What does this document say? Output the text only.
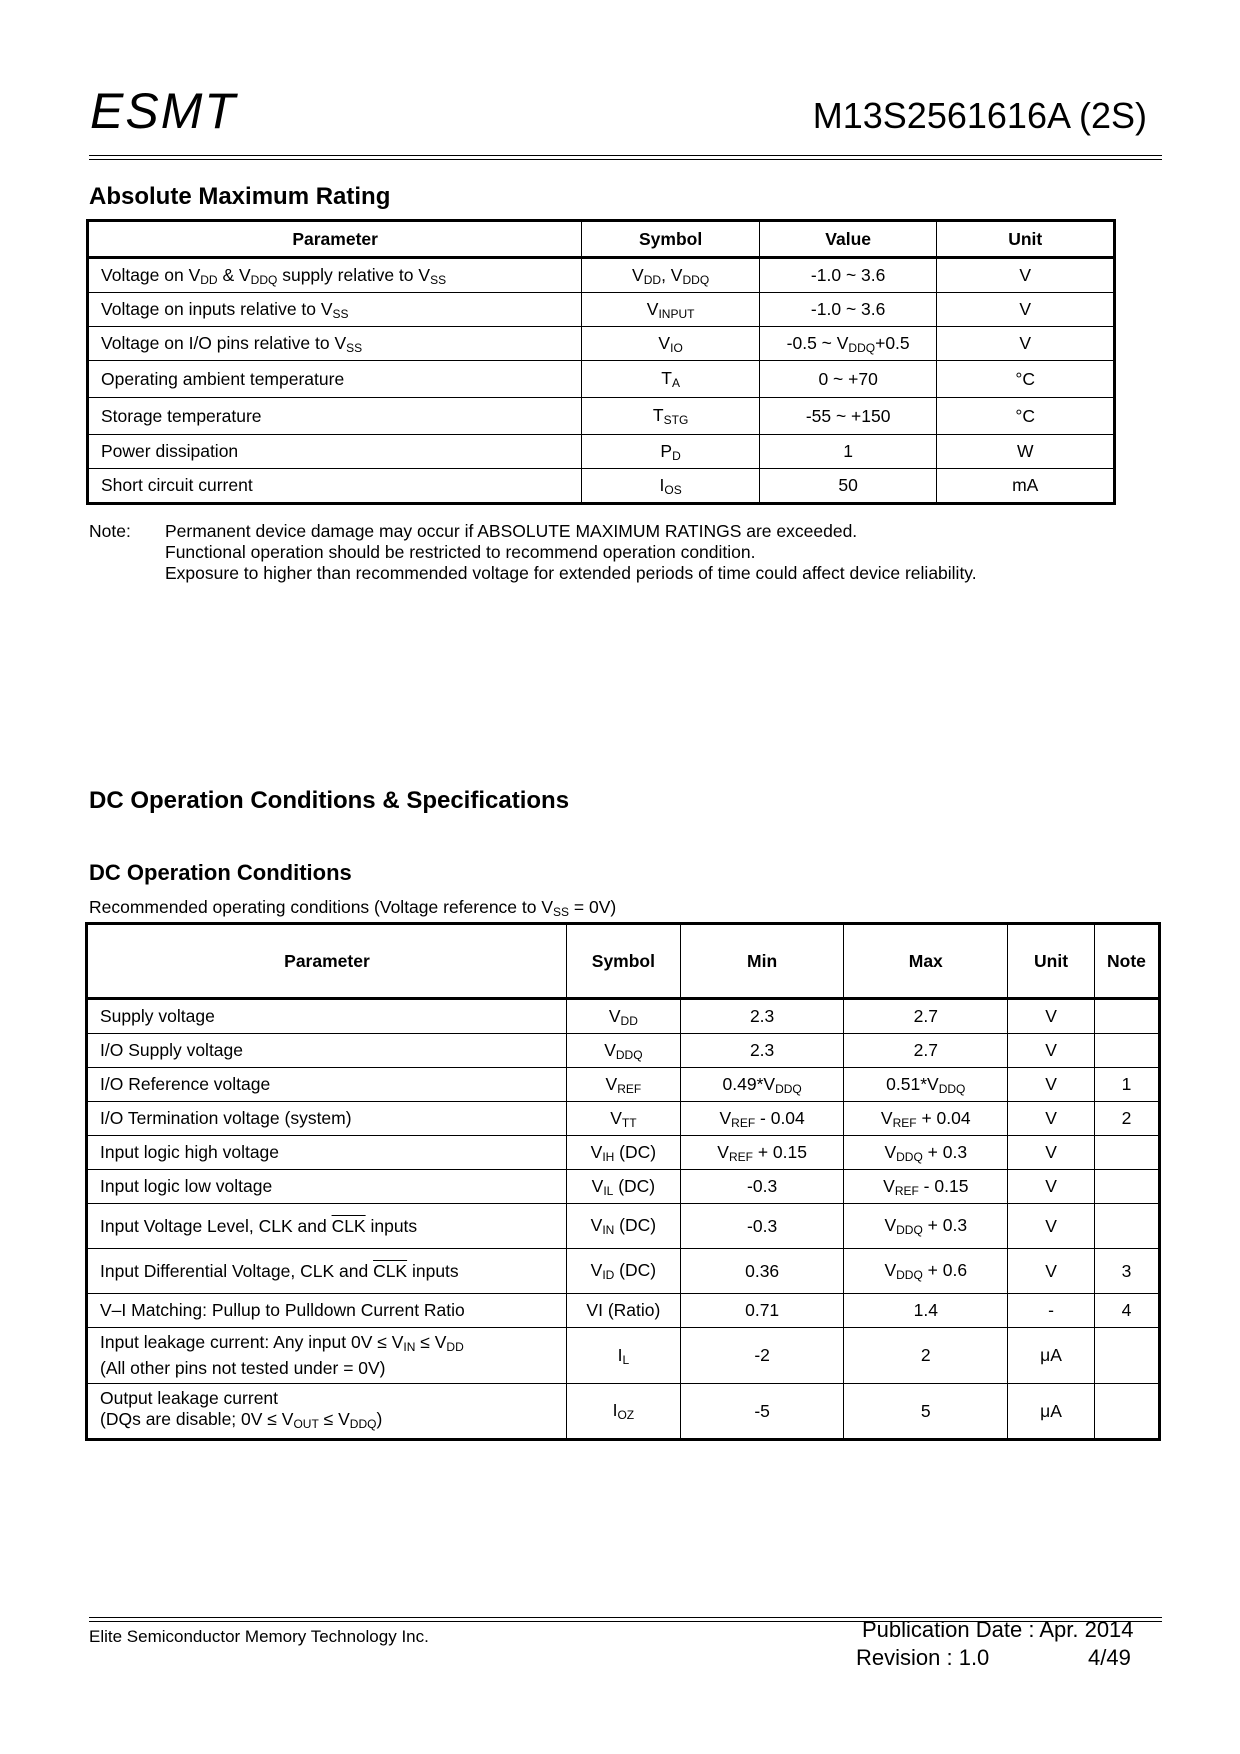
ESMT	M13S2561616A (2S)
Absolute Maximum Rating
Parameter	Symbol	Value	Unit
Voltage on $V_{DD}$ & $V_{DDQ}$ supply relative to $V_{SS}$	$V_{DD}$, $V_{DDQ}$	-1.0 ~ 3.6	V
Voltage on inputs relative to $V_{SS}$	$V_{INPUT}$	-1.0 ~ 3.6	V
Voltage on I/O pins relative to $V_{SS}$	$V_{IO}$	-0.5 ~ $V_{DDQ}+0.5$	V
Operating ambient temperature	$T_A$	0 ~ +70	°C
Storage temperature	$T_{STG}$	-55 ~ +150	°C
Power dissipation	$P_D$	1	W
Short circuit current	$I_{OS}$	50	mA
Note: Permanent device damage may occur if ABSOLUTE MAXIMUM RATINGS are exceeded.
Functional operation should be restricted to recommend operation condition.
Exposure to higher than recommended voltage for extended periods of time could affect device reliability.
DC Operation Conditions & Specifications
DC Operation Conditions
Recommended operating conditions (Voltage reference to $V_{SS} = 0V$)
Parameter	Symbol	Min	Max	Unit	Note
Supply voltage	$V_{DD}$	2.3	2.7	V	
I/O Supply voltage	$V_{DDQ}$	2.3	2.7	V	
I/O Reference voltage	$V_{REF}$	$0.49*V_{DDQ}$	$0.51*V_{DDQ}$	V	1
I/O Termination voltage (system)	$V_{TT}$	$V_{REF} - 0.04$	$V_{REF} + 0.04$	V	2
Input logic high voltage	$V_{IH}$ (DC)	$V_{REF} + 0.15$	$V_{DDQ} + 0.3$	V	
Input logic low voltage	$V_{IL}$ (DC)	-0.3	$V_{REF} - 0.15$	V	
Input Voltage Level, CLK and $\overline{CLK}$ inputs	$V_{IN}$ (DC)	-0.3	$V_{DDQ} + 0.3$	V	
Input Differential Voltage, CLK and $\overline{CLK}$ inputs	$V_{ID}$ (DC)	0.36	$V_{DDQ} + 0.6$	V	3
V–I Matching: Pullup to Pulldown Current Ratio	VI (Ratio)	0.71	1.4	-	4
Input leakage current: Any input $0V \le V_{IN} \le V_{DD}$
(All other pins not tested under = 0V)	$I_L$	-2	2	μA	
Output leakage current
(DQs are disable; $0V \le V_{OUT} \le V_{DDQ}$)	$I_{OZ}$	-5	5	μA	
Elite Semiconductor Memory Technology Inc.	Publication Date : Apr. 2014
Revision : 1.0	4/49
